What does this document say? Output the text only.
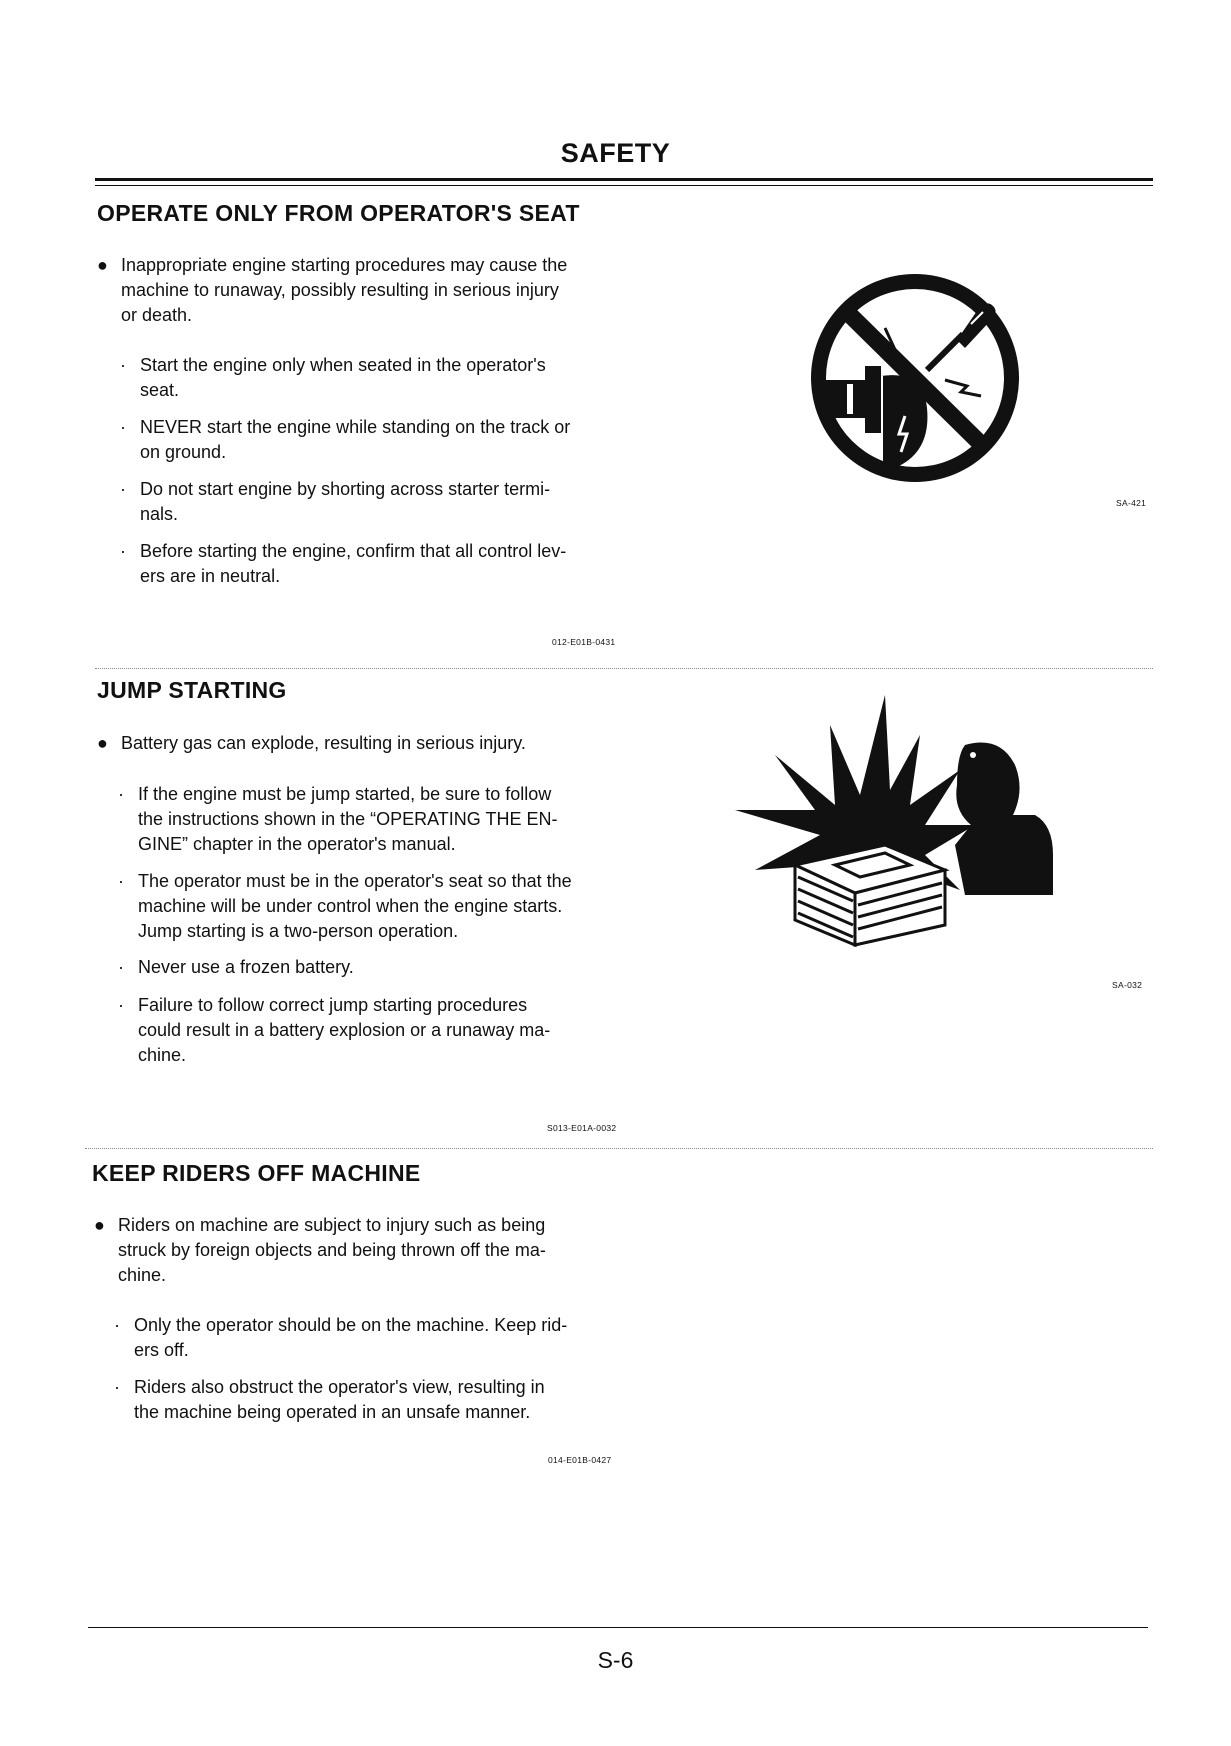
SAFETY
OPERATE ONLY FROM OPERATOR'S SEAT
● Inappropriate engine starting procedures may cause the
machine to runaway, possibly resulting in serious injury
or death.
· Start the engine only when seated in the operator's
seat.
· NEVER start the engine while standing on the track or
on ground.
· Do not start engine by shorting across starter termi-
nals.
· Before starting the engine, confirm that all control lev-
ers are in neutral.
012-E01B-0431
SA-421
JUMP STARTING
● Battery gas can explode, resulting in serious injury.
· If the engine must be jump started, be sure to follow
the instructions shown in the “OPERATING THE EN-
GINE” chapter in the operator's manual.
· The operator must be in the operator's seat so that the
machine will be under control when the engine starts.
Jump starting is a two-person operation.
· Never use a frozen battery.
· Failure to follow correct jump starting procedures
could result in a battery explosion or a runaway ma-
chine.
S013-E01A-0032
SA-032
KEEP RIDERS OFF MACHINE
● Riders on machine are subject to injury such as being
struck by foreign objects and being thrown off the ma-
chine.
· Only the operator should be on the machine. Keep rid-
ers off.
· Riders also obstruct the operator's view, resulting in
the machine being operated in an unsafe manner.
014-E01B-0427
S-6
